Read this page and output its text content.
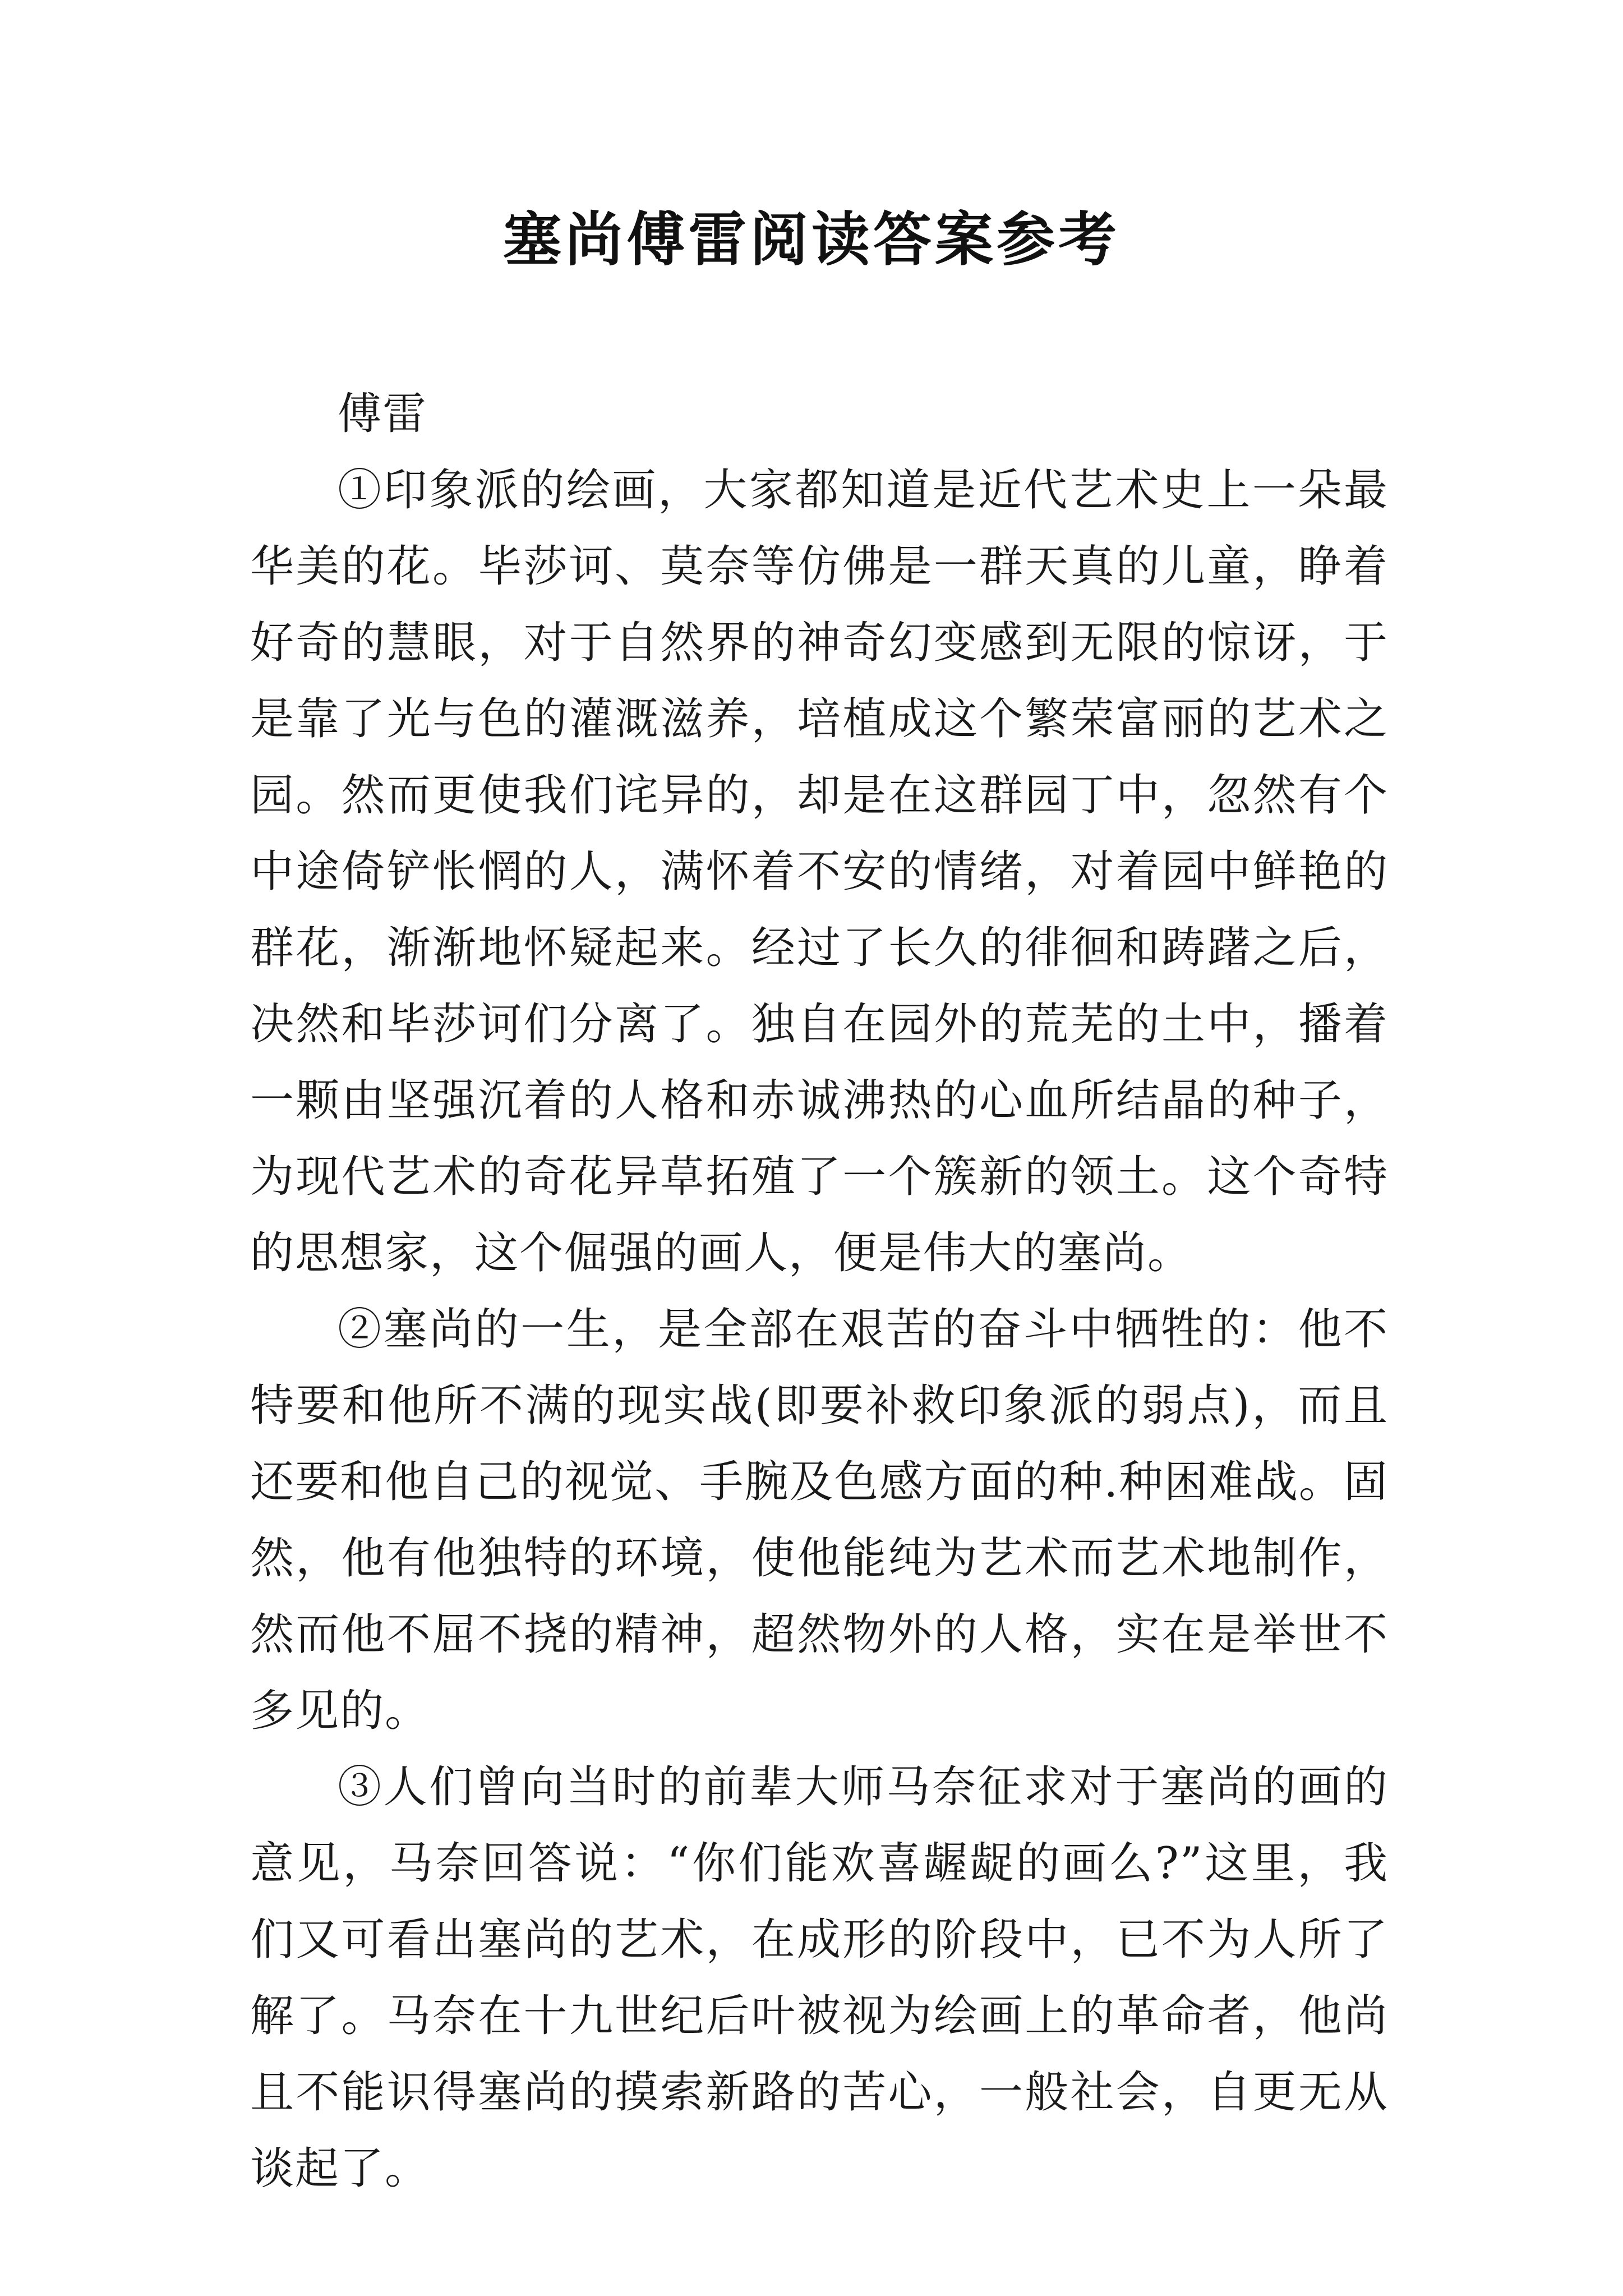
塞尚傅雷阅读答案参考

傅雷

①印象派的绘画，大家都知道是近代艺术史上一朵最华美的花。毕莎诃、莫奈等仿佛是一群天真的儿童，睁着好奇的慧眼，对于自然界的神奇幻变感到无限的惊讶，于是靠了光与色的灌溉滋养，培植成这个繁荣富丽的艺术之园。然而更使我们诧异的，却是在这群园丁中，忽然有个中途倚铲怅惘的人，满怀着不安的情绪，对着园中鲜艳的群花，渐渐地怀疑起来。经过了长久的徘徊和踌躇之后，决然和毕莎诃们分离了。独自在园外的荒芜的土中，播着一颗由坚强沉着的人格和赤诚沸热的心血所结晶的种子，为现代艺术的奇花异草拓殖了一个簇新的领土。这个奇特的思想家，这个倔强的画人，便是伟大的塞尚。

②塞尚的一生，是全部在艰苦的奋斗中牺牲的：他不特要和他所不满的现实战(即要补救印象派的弱点)，而且还要和他自己的视觉、手腕及色感方面的种.种困难战。固然，他有他独特的环境，使他能纯为艺术而艺术地制作，然而他不屈不挠的精神，超然物外的人格，实在是举世不多见的。

③人们曾向当时的前辈大师马奈征求对于塞尚的画的意见，马奈回答说：“你们能欢喜龌龊的画么?”这里，我们又可看出塞尚的艺术，在成形的阶段中，已不为人所了解了。马奈在十九世纪后叶被视为绘画上的革命者，他尚且不能识得塞尚的摸索新路的苦心，一般社会，自更无从谈起了。
